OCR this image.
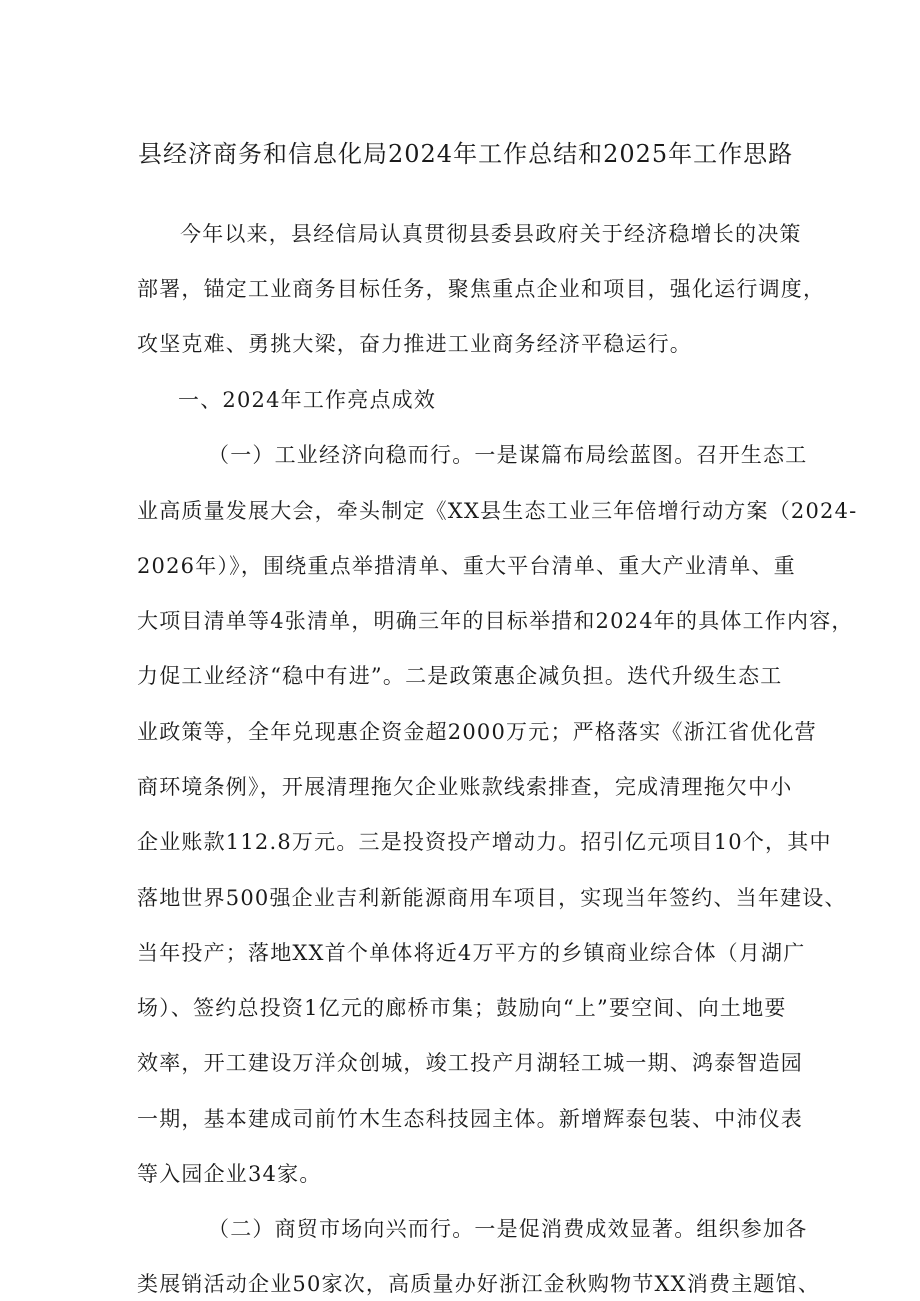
县经济商务和信息化局2024年工作总结和2025年工作思路
今年以来，县经信局认真贯彻县委县政府关于经济稳增长的决策
部署，锚定工业商务目标任务，聚焦重点企业和项目，强化运行调度，
攻坚克难、勇挑大梁，奋力推进工业商务经济平稳运行。
一、2024年工作亮点成效
（一）工业经济向稳而行。一是谋篇布局绘蓝图。召开生态工
业高质量发展大会，牵头制定《XX县生态工业三年倍增行动方案（2024-
2026年）》，围绕重点举措清单、重大平台清单、重大产业清单、重
大项目清单等4张清单，明确三年的目标举措和2024年的具体工作内容，
力促工业经济“稳中有进”。二是政策惠企减负担。迭代升级生态工
业政策等，全年兑现惠企资金超2000万元；严格落实《浙江省优化营
商环境条例》，开展清理拖欠企业账款线索排查，完成清理拖欠中小
企业账款112.8万元。三是投资投产增动力。招引亿元项目10个，其中
落地世界500强企业吉利新能源商用车项目，实现当年签约、当年建设、
当年投产；落地XX首个单体将近4万平方的乡镇商业综合体（月湖广
场）、签约总投资1亿元的廊桥市集；鼓励向“上”要空间、向土地要
效率，开工建设万洋众创城，竣工投产月湖轻工城一期、鸿泰智造园
一期，基本建成司前竹木生态科技园主体。新增辉泰包装、中沛仪表
等入园企业34家。
（二）商贸市场向兴而行。一是促消费成效显著。组织参加各
类展销活动企业50家次，高质量办好浙江金秋购物节XX消费主题馆、
